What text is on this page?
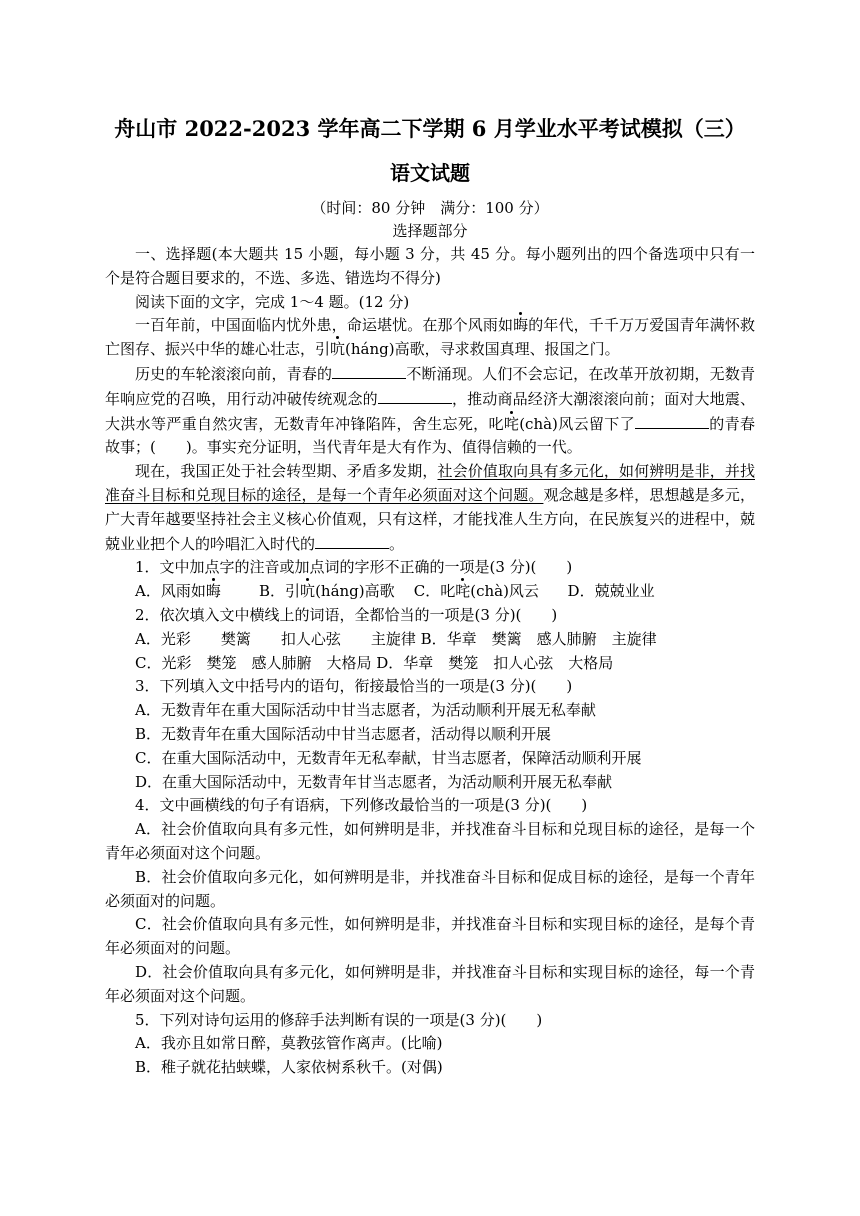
舟山市 2022-2023 学年高二下学期 6 月学业水平考试模拟（三）
语文试题
（时间：80 分钟　满分：100 分）
选择题部分

一、选择题(本大题共 15 小题，每小题 3 分，共 45 分。每小题列出的四个备选项中只有一个是符合题目要求的，不选、多选、错选均不得分)

阅读下面的文字，完成 1～4 题。(12 分)

一百年前，中国面临内忧外患，命运堪忧。在那个风雨如晦的年代，千千万万爱国青年满怀救亡图存、振兴中华的雄心壮志，引吭(háng)高歌，寻求救国真理、报国之门。

历史的车轮滚滚向前，青春的	不断涌现。人们不会忘记，在改革开放初期，无数青年响应党的召唤，用行动冲破传统观念的	，推动商品经济大潮滚滚向前；面对大地震、大洪水等严重自然灾害，无数青年冲锋陷阵，舍生忘死，叱咤(chà)风云留下了	的青春故事；(　　)。事实充分证明，当代青年是大有作为、值得信赖的一代。

现在，我国正处于社会转型期、矛盾多发期，社会价值取向具有多元化，如何辨明是非，并找准奋斗目标和兑现目标的途径，是每一个青年必须面对这个问题。观念越是多样，思想越是多元，广大青年越要坚持社会主义核心价值观，只有这样，才能找准人生方向，在民族复兴的进程中，兢兢业业把个人的吟唱汇入时代的	。

1．文中加点字的注音或加点词的字形不正确的一项是(3 分)(　　)

A．风雨如晦	B．引吭(háng)高歌 C．叱咤(chà)风云 D．兢兢业业

2．依次填入文中横线上的词语，全都恰当的一项是(3 分)(　　)

A．光彩　　樊篱　　扣人心弦　　主旋律 B．华章　樊篱　感人肺腑　主旋律

C．光彩　樊笼　感人肺腑　大格局 D．华章　樊笼　扣人心弦　大格局

3．下列填入文中括号内的语句，衔接最恰当的一项是(3 分)(　　)

A．无数青年在重大国际活动中甘当志愿者，为活动顺利开展无私奉献

B．无数青年在重大国际活动中甘当志愿者，活动得以顺利开展

C．在重大国际活动中，无数青年无私奉献，甘当志愿者，保障活动顺利开展

D．在重大国际活动中，无数青年甘当志愿者，为活动顺利开展无私奉献

4．文中画横线的句子有语病，下列修改最恰当的一项是(3 分)(　　)

A．社会价值取向具有多元性，如何辨明是非，并找准奋斗目标和兑现目标的途径，是每一个青年必须面对这个问题。

B．社会价值取向多元化，如何辨明是非，并找准奋斗目标和促成目标的途径，是每一个青年必须面对的问题。

C．社会价值取向具有多元性，如何辨明是非，并找准奋斗目标和实现目标的途径，是每个青年必须面对的问题。

D．社会价值取向具有多元化，如何辨明是非，并找准奋斗目标和实现目标的途径，每一个青年必须面对这个问题。

5．下列对诗句运用的修辞手法判断有误的一项是(3 分)(　　)

A．我亦且如常日醉，莫教弦管作离声。(比喻)

B．稚子就花拈蛱蝶，人家依树系秋千。(对偶)
